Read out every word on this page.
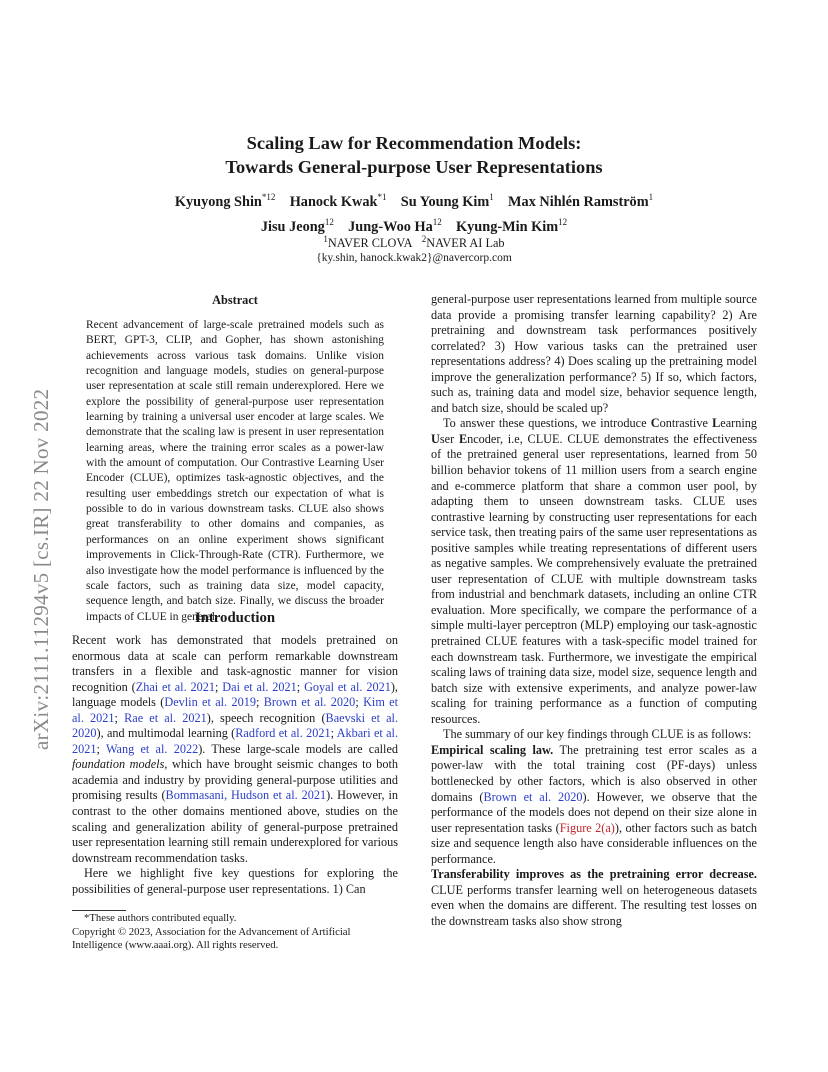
Scaling Law for Recommendation Models:
Towards General-purpose User Representations
Kyuyong Shin$^{*12}$ Hanock Kwak$^{*1}$ Su Young Kim$^1$ Max Nihlén Ramström$^1$
Jisu Jeong$^{12}$ Jung-Woo Ha$^{12}$ Kyung-Min Kim$^{12}$
$^1$NAVER CLOVA $^2$NAVER AI Lab
{ky.shin, hanock.kwak2}@navercorp.com
arXiv:2111.11294v5 [cs.IR] 22 Nov 2022
Abstract
Recent advancement of large-scale pretrained models such as BERT, GPT-3, CLIP, and Gopher, has shown astonishing achievements across various task domains. Unlike vision recognition and language models, studies on general-purpose user representation at scale still remain underexplored. Here we explore the possibility of general-purpose user representation learning by training a universal user encoder at large scales. We demonstrate that the scaling law is present in user representation learning areas, where the training error scales as a power-law with the amount of computation. Our Contrastive Learning User Encoder (CLUE), optimizes task-agnostic objectives, and the resulting user embeddings stretch our expectation of what is possible to do in various downstream tasks. CLUE also shows great transferability to other domains and companies, as performances on an online experiment shows significant improvements in Click-Through-Rate (CTR). Furthermore, we also investigate how the model performance is influenced by the scale factors, such as training data size, model capacity, sequence length, and batch size. Finally, we discuss the broader impacts of CLUE in general.
Introduction

Recent work has demonstrated that models pretrained on enormous data at scale can perform remarkable downstream transfers in a flexible and task-agnostic manner for vision recognition (Zhai et al. 2021; Dai et al. 2021; Goyal et al. 2021), language models (Devlin et al. 2019; Brown et al. 2020; Kim et al. 2021; Rae et al. 2021), speech recognition (Baevski et al. 2020), and multimodal learning (Radford et al. 2021; Akbari et al. 2021; Wang et al. 2022). These large-scale models are called foundation models, which have brought seismic changes to both academia and industry by providing general-purpose utilities and promising results (Bommasani, Hudson et al. 2021). However, in contrast to the other domains mentioned above, studies on the scaling and generalization ability of general-purpose pretrained user representation learning still remain underexplored for various downstream recommendation tasks.

Here we highlight five key questions for exploring the possibilities of general-purpose user representations. 1) Can

*These authors contributed equally.
Copyright © 2023, Association for the Advancement of Artificial Intelligence (www.aaai.org). All rights reserved.

general-purpose user representations learned from multiple source data provide a promising transfer learning capability? 2) Are pretraining and downstream task performances positively correlated? 3) How various tasks can the pretrained user representations address? 4) Does scaling up the pretraining model improve the generalization performance? 5) If so, which factors, such as, training data and model size, behavior sequence length, and batch size, should be scaled up?

To answer these questions, we introduce Contrastive Learning User Encoder, i.e, CLUE. CLUE demonstrates the effectiveness of the pretrained general user representations, learned from 50 billion behavior tokens of 11 million users from a search engine and e-commerce platform that share a common user pool, by adapting them to unseen downstream tasks. CLUE uses contrastive learning by constructing user representations for each service task, then treating pairs of the same user representations as positive samples while treating representations of different users as negative samples. We comprehensively evaluate the pretrained user representation of CLUE with multiple downstream tasks from industrial and benchmark datasets, including an online CTR evaluation. More specifically, we compare the performance of a simple multi-layer perceptron (MLP) employing our task-agnostic pretrained CLUE features with a task-specific model trained for each downstream task. Furthermore, we investigate the empirical scaling laws of training data size, model size, sequence length and batch size with extensive experiments, and analyze power-law scaling for training performance as a function of computing resources.

The summary of our key findings through CLUE is as follows:

Empirical scaling law. The pretraining test error scales as a power-law with the total training cost (PF-days) unless bottlenecked by other factors, which is also observed in other domains (Brown et al. 2020). However, we observe that the performance of the models does not depend on their size alone in user representation tasks (Figure 2(a)), other factors such as batch size and sequence length also have considerable influences on the performance.

Transferability improves as the pretraining error decrease. CLUE performs transfer learning well on heterogeneous datasets even when the domains are different. The resulting test losses on the downstream tasks also show strong
